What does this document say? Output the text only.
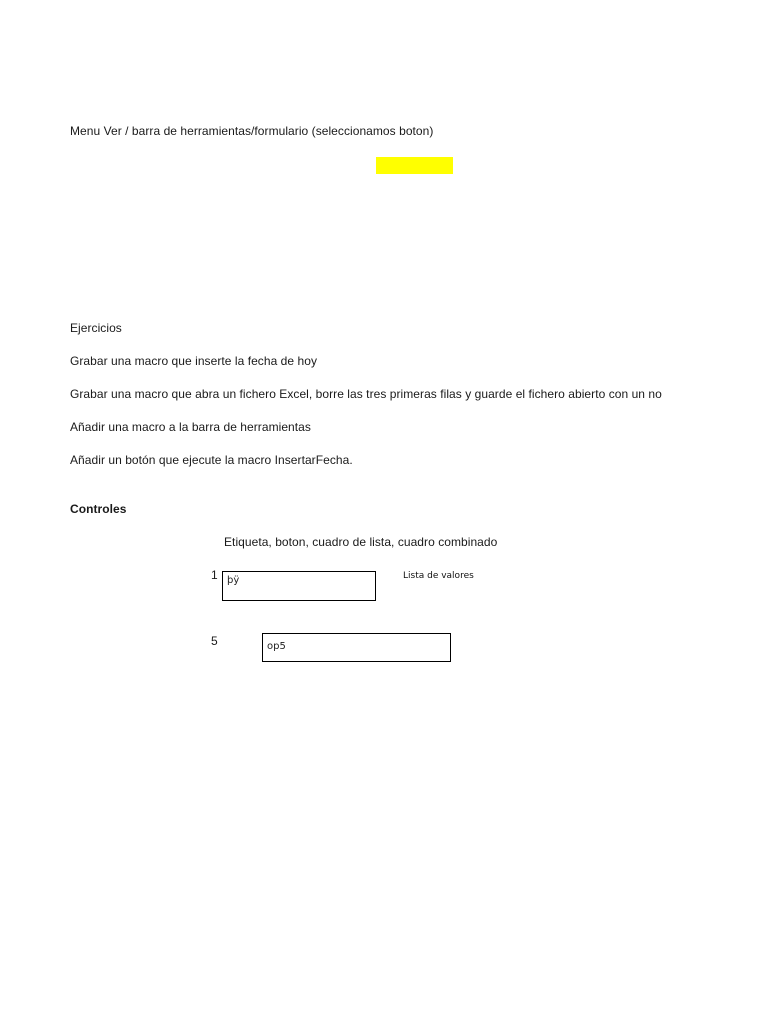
Menu Ver / barra de herramientas/formulario (seleccionamos boton)
Ejercicios
Grabar una macro que inserte la fecha de hoy
Grabar una macro que abra un fichero Excel, borre las tres primeras filas y guarde el fichero abierto con un no
Añadir una macro a la barra de herramientas
Añadir un botón que ejecute la macro InsertarFecha.
Controles
Etiqueta, boton, cuadro de lista, cuadro combinado
1 þÿ	Lista de valores
5	op5
